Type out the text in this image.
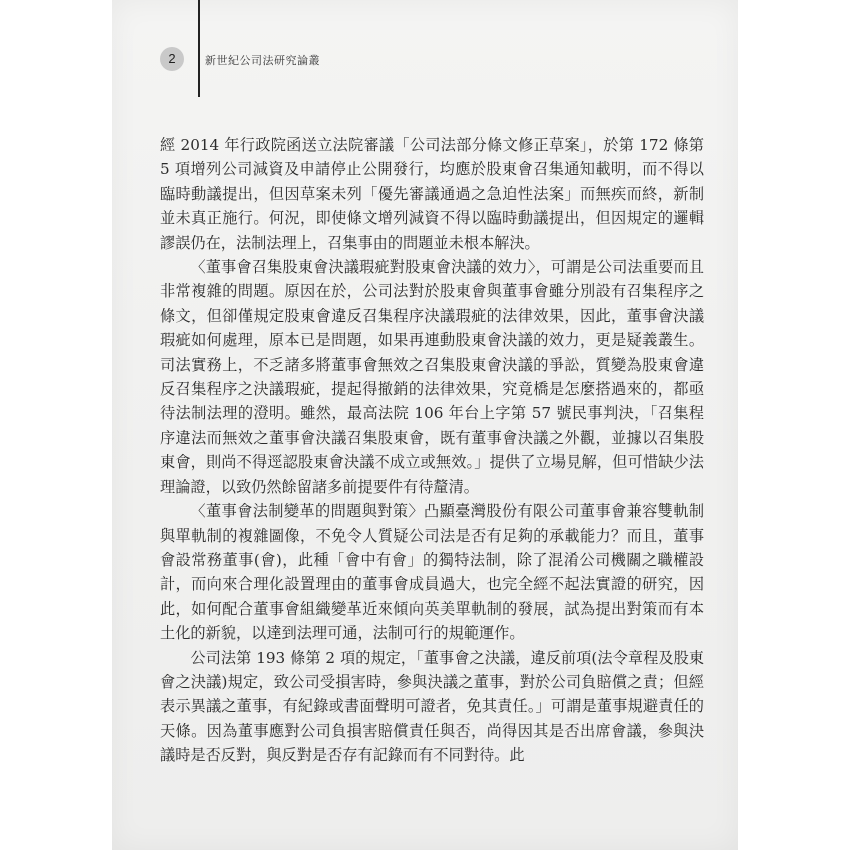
2	新世紀公司法研究論叢

經 2014 年行政院函送立法院審議「公司法部分條文修正草案」，於第 172 條第 5 項增列公司減資及申請停止公開發行，均應於股東會召集通知載明，而不得以臨時動議提出，但因草案未列「優先審議通過之急迫性法案」而無疾而終，新制並未真正施行。何況，即使條文增列減資不得以臨時動議提出，但因規定的邏輯謬誤仍在，法制法理上，召集事由的問題並未根本解決。

〈董事會召集股東會決議瑕疵對股東會決議的效力〉，可謂是公司法重要而且非常複雜的問題。原因在於，公司法對於股東會與董事會雖分別設有召集程序之條文，但卻僅規定股東會違反召集程序決議瑕疵的法律效果，因此，董事會決議瑕疵如何處理，原本已是問題，如果再連動股東會決議的效力，更是疑義叢生。司法實務上，不乏諸多將董事會無效之召集股東會決議的爭訟，質變為股東會違反召集程序之決議瑕疵，提起得撤銷的法律效果，究竟橋是怎麼搭過來的，都亟待法制法理的澄明。雖然，最高法院 106 年台上字第 57 號民事判決，「召集程序違法而無效之董事會決議召集股東會，既有董事會決議之外觀，並據以召集股東會，則尚不得逕認股東會決議不成立或無效。」提供了立場見解，但可惜缺少法理論證，以致仍然餘留諸多前提要件有待釐清。

〈董事會法制變革的問題與對策〉凸顯臺灣股份有限公司董事會兼容雙軌制與單軌制的複雜圖像，不免令人質疑公司法是否有足夠的承載能力？而且，董事會設常務董事(會)，此種「會中有會」的獨特法制，除了混淆公司機關之職權設計，而向來合理化設置理由的董事會成員過大，也完全經不起法實證的研究，因此，如何配合董事會組織變革近來傾向英美單軌制的發展，試為提出對策而有本土化的新貌，以達到法理可通，法制可行的規範運作。

公司法第 193 條第 2 項的規定，「董事會之決議，違反前項(法令章程及股東會之決議)規定，致公司受損害時，參與決議之董事，對於公司負賠償之責；但經表示異議之董事，有紀錄或書面聲明可證者，免其責任。」可謂是董事規避責任的天條。因為董事應對公司負損害賠償責任與否，尚得因其是否出席會議，參與決議時是否反對，與反對是否存有記錄而有不同對待。此
